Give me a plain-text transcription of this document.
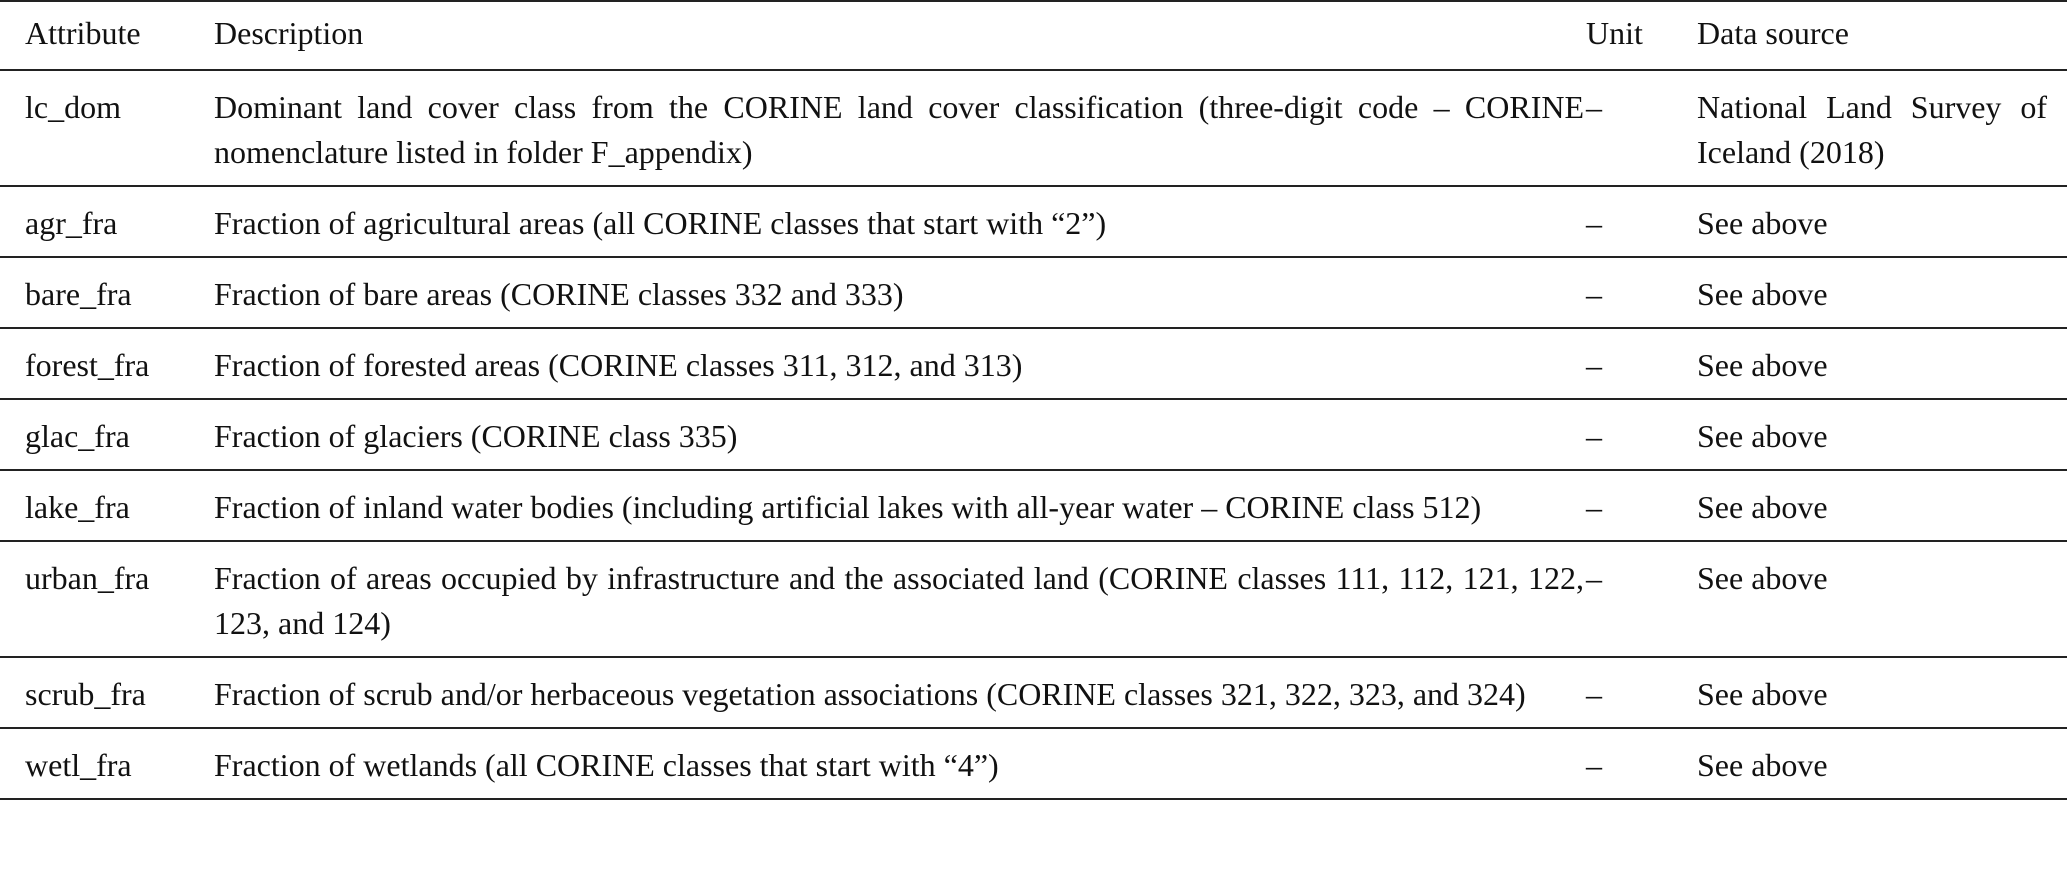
Attribute	Description	Unit	Data source
lc_dom	Dominant land cover class from the CORINE land cover classification (three-digit code – CORINE nomenclature listed in folder F_appendix)	–	National Land Survey of Iceland (2018)
agr_fra	Fraction of agricultural areas (all CORINE classes that start with “2”)	–	See above
bare_fra	Fraction of bare areas (CORINE classes 332 and 333)	–	See above
forest_fra	Fraction of forested areas (CORINE classes 311, 312, and 313)	–	See above
glac_fra	Fraction of glaciers (CORINE class 335)	–	See above
lake_fra	Fraction of inland water bodies (including artificial lakes with all-year water – CORINE class 512)	–	See above
urban_fra	Fraction of areas occupied by infrastructure and the associated land (CORINE classes 111, 112, 121, 122, 123, and 124)	–	See above
scrub_fra	Fraction of scrub and/or herbaceous vegetation associations (CORINE classes 321, 322, 323, and 324)	–	See above
wetl_fra	Fraction of wetlands (all CORINE classes that start with “4”)	–	See above
